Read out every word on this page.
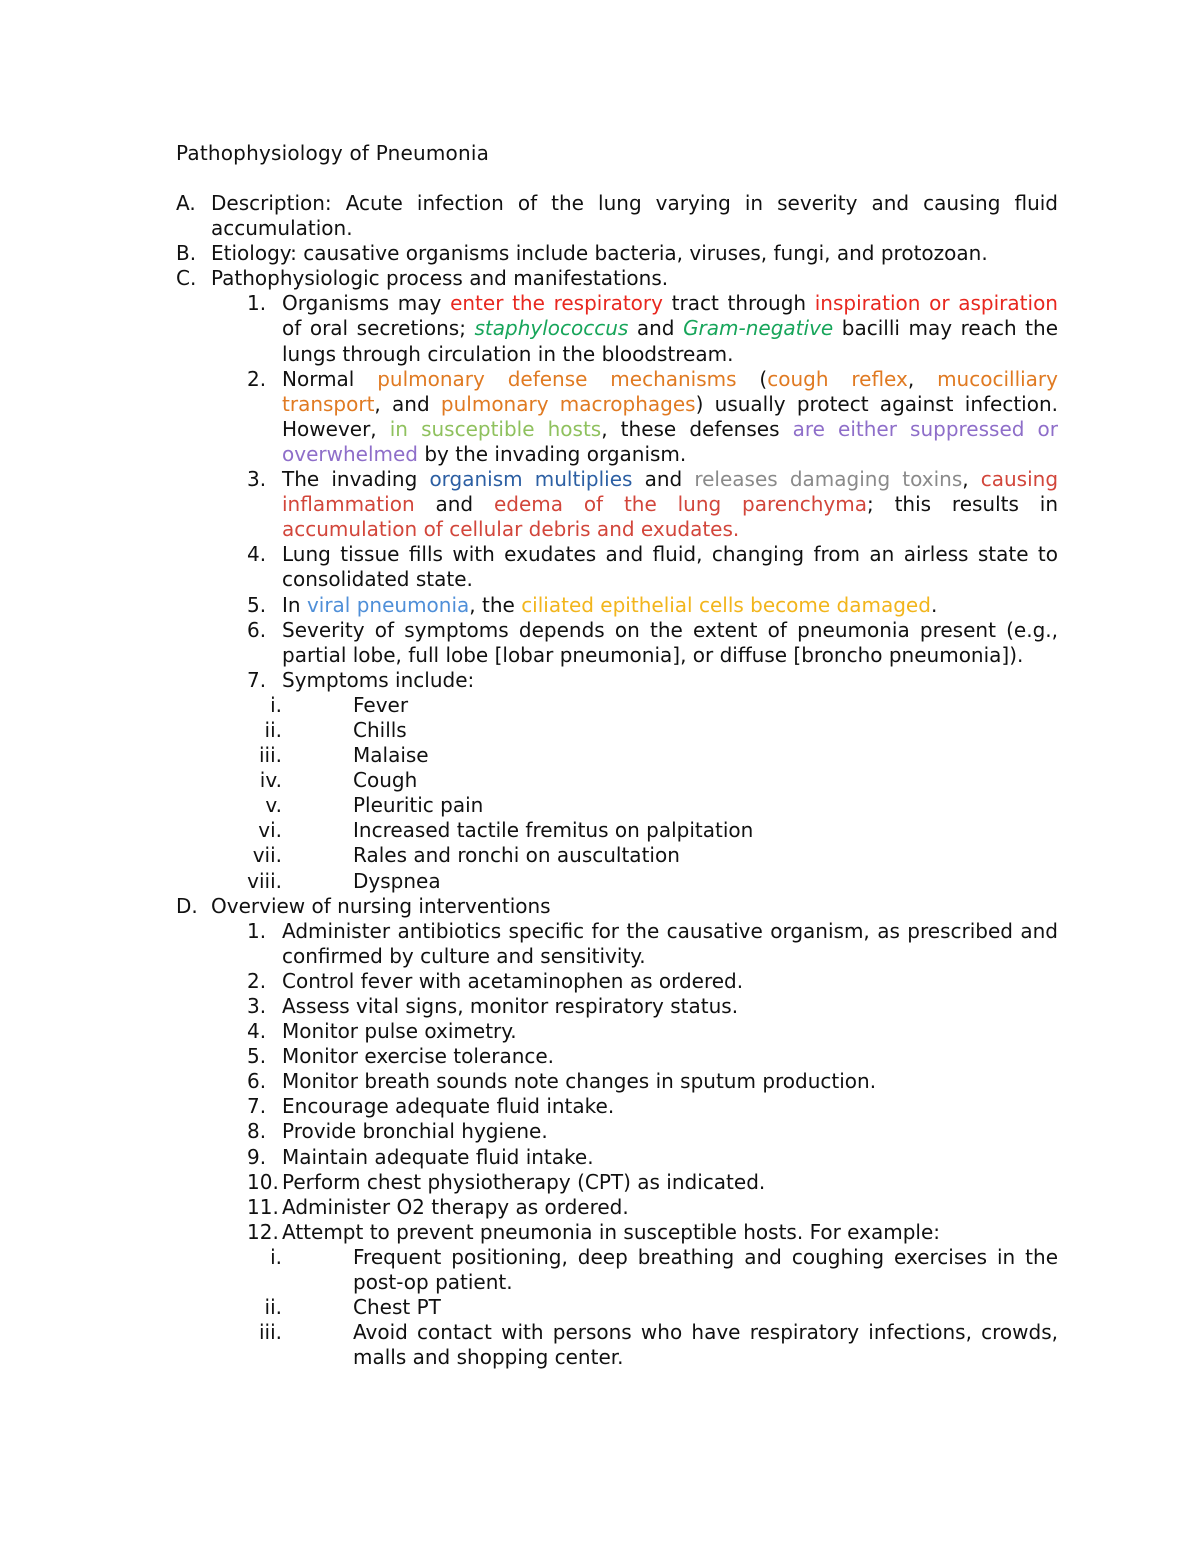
Pathophysiology of Pneumonia
A. Description: Acute infection of the lung varying in severity and causing fluid accumulation.
B. Etiology: causative organisms include bacteria, viruses, fungi, and protozoan.
C. Pathophysiologic process and manifestations.
1. Organisms may enter the respiratory tract through inspiration or aspiration of oral secretions; staphylococcus and Gram-negative bacilli may reach the lungs through circulation in the bloodstream.
2. Normal pulmonary defense mechanisms (cough reflex, mucocilliary transport, and pulmonary macrophages) usually protect against infection. However, in susceptible hosts, these defenses are either suppressed or overwhelmed by the invading organism.
3. The invading organism multiplies and releases damaging toxins, causing inflammation and edema of the lung parenchyma; this results in accumulation of cellular debris and exudates.
4. Lung tissue fills with exudates and fluid, changing from an airless state to consolidated state.
5. In viral pneumonia, the ciliated epithelial cells become damaged.
6. Severity of symptoms depends on the extent of pneumonia present (e.g., partial lobe, full lobe [lobar pneumonia], or diffuse [broncho pneumonia]).
7. Symptoms include:
i.	Fever
ii.	Chills
iii.	Malaise
iv.	Cough
v.	Pleuritic pain
vi.	Increased tactile fremitus on palpitation
vii.	Rales and ronchi on auscultation
viii.	Dyspnea
D. Overview of nursing interventions
1. Administer antibiotics specific for the causative organism, as prescribed and confirmed by culture and sensitivity.
2. Control fever with acetaminophen as ordered.
3. Assess vital signs, monitor respiratory status.
4. Monitor pulse oximetry.
5. Monitor exercise tolerance.
6. Monitor breath sounds note changes in sputum production.
7. Encourage adequate fluid intake.
8. Provide bronchial hygiene.
9. Maintain adequate fluid intake.
10. Perform chest physiotherapy (CPT) as indicated.
11. Administer O2 therapy as ordered.
12. Attempt to prevent pneumonia in susceptible hosts. For example:
i.	Frequent positioning, deep breathing and coughing exercises in the post-op patient.
ii.	Chest PT
iii.	Avoid contact with persons who have respiratory infections, crowds, malls and shopping center.
